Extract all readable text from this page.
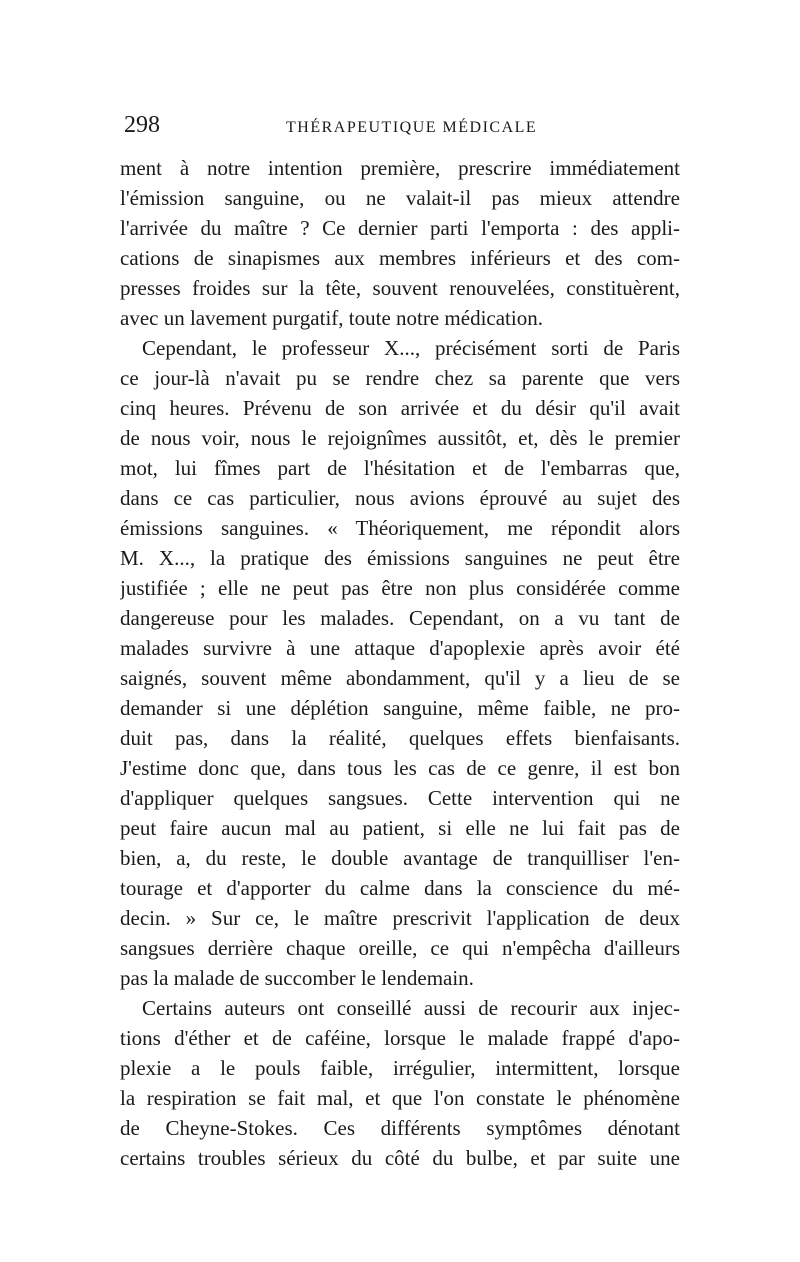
298	THÉRAPEUTIQUE MÉDICALE
ment à notre intention première, prescrire immédiatement
l'émission sanguine, ou ne valait-il pas mieux attendre
l'arrivée du maître ? Ce dernier parti l'emporta : des appli-
cations de sinapismes aux membres inférieurs et des com-
presses froides sur la tête, souvent renouvelées, constituèrent,
avec un lavement purgatif, toute notre médication.
Cependant, le professeur X..., précisément sorti de Paris
ce jour-là n'avait pu se rendre chez sa parente que vers
cinq heures. Prévenu de son arrivée et du désir qu'il avait
de nous voir, nous le rejoignîmes aussitôt, et, dès le premier
mot, lui fîmes part de l'hésitation et de l'embarras que,
dans ce cas particulier, nous avions éprouvé au sujet des
émissions sanguines. « Théoriquement, me répondit alors
M. X..., la pratique des émissions sanguines ne peut être
justifiée ; elle ne peut pas être non plus considérée comme
dangereuse pour les malades. Cependant, on a vu tant de
malades survivre à une attaque d'apoplexie après avoir été
saignés, souvent même abondamment, qu'il y a lieu de se
demander si une déplétion sanguine, même faible, ne pro-
duit pas, dans la réalité, quelques effets bienfaisants.
J'estime donc que, dans tous les cas de ce genre, il est bon
d'appliquer quelques sangsues. Cette intervention qui ne
peut faire aucun mal au patient, si elle ne lui fait pas de
bien, a, du reste, le double avantage de tranquilliser l'en-
tourage et d'apporter du calme dans la conscience du mé-
decin. » Sur ce, le maître prescrivit l'application de deux
sangsues derrière chaque oreille, ce qui n'empêcha d'ailleurs
pas la malade de succomber le lendemain.
Certains auteurs ont conseillé aussi de recourir aux injec-
tions d'éther et de caféine, lorsque le malade frappé d'apo-
plexie a le pouls faible, irrégulier, intermittent, lorsque
la respiration se fait mal, et que l'on constate le phénomène
de Cheyne-Stokes. Ces différents symptômes dénotant
certains troubles sérieux du côté du bulbe, et par suite une
